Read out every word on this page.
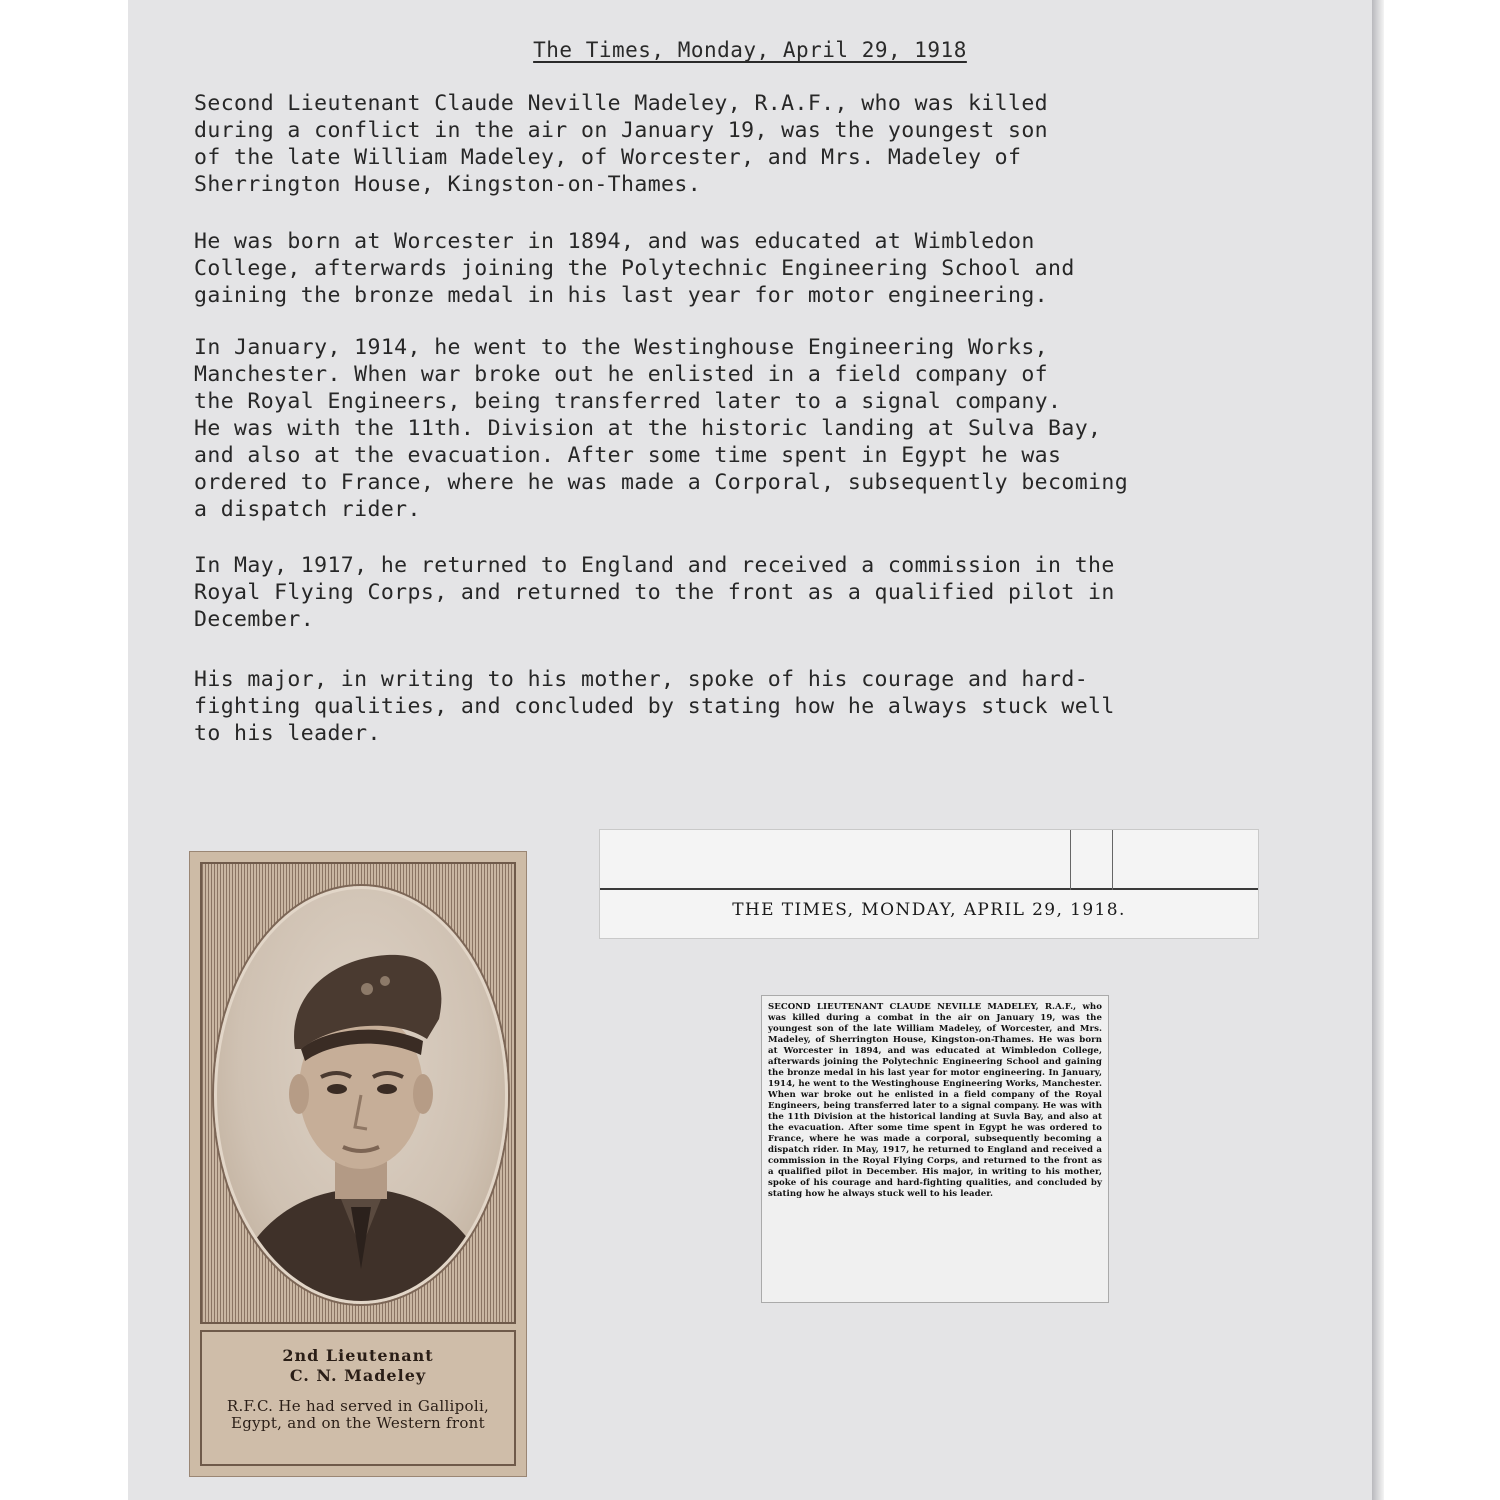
The Times, Monday, April 29, 1918

Second Lieutenant Claude Neville Madeley, R.A.F., who was killed
during a conflict in the air on January 19, was the youngest son
of the late William Madeley, of Worcester, and Mrs. Madeley of
Sherrington House, Kingston-on-Thames.

He was born at Worcester in 1894, and was educated at Wimbledon
College, afterwards joining the Polytechnic Engineering School and
gaining the bronze medal in his last year for motor engineering.

In January, 1914, he went to the Westinghouse Engineering Works,
Manchester. When war broke out he enlisted in a field company of
the Royal Engineers, being transferred later to a signal company.
He was with the 11th. Division at the historic landing at Sulva Bay,
and also at the evacuation. After some time spent in Egypt he was
ordered to France, where he was made a Corporal, subsequently becoming
a dispatch rider.

In May, 1917, he returned to England and received a commission in the
Royal Flying Corps, and returned to the front as a qualified pilot in
December.

His major, in writing to his mother, spoke of his courage and hard-
fighting qualities, and concluded by stating how he always stuck well
to his leader.

2nd Lieutenant
C. N. Madeley
R.F.C. He had served in Gallipoli, Egypt, and on the Western front
THE TIMES, MONDAY, APRIL 29, 1918.
SECOND LIEUTENANT CLAUDE NEVILLE MADELEY, R.A.F., who was killed during a combat in the air on January 19, was the youngest son of the late William Madeley, of Worcester, and Mrs. Madeley, of Sherrington House, Kingston-on-Thames. He was born at Worcester in 1894, and was educated at Wimbledon College, afterwards joining the Polytechnic Engineering School and gaining the bronze medal in his last year for motor engineering. In January, 1914, he went to the Westinghouse Engineering Works, Manchester. When war broke out he enlisted in a field company of the Royal Engineers, being transferred later to a signal company. He was with the 11th Division at the historical landing at Suvla Bay, and also at the evacuation. After some time spent in Egypt he was ordered to France, where he was made a corporal, subsequently becoming a dispatch rider. In May, 1917, he returned to England and received a commission in the Royal Flying Corps, and returned to the front as a qualified pilot in December. His major, in writing to his mother, spoke of his courage and hard-fighting qualities, and concluded by stating how he always stuck well to his leader.
